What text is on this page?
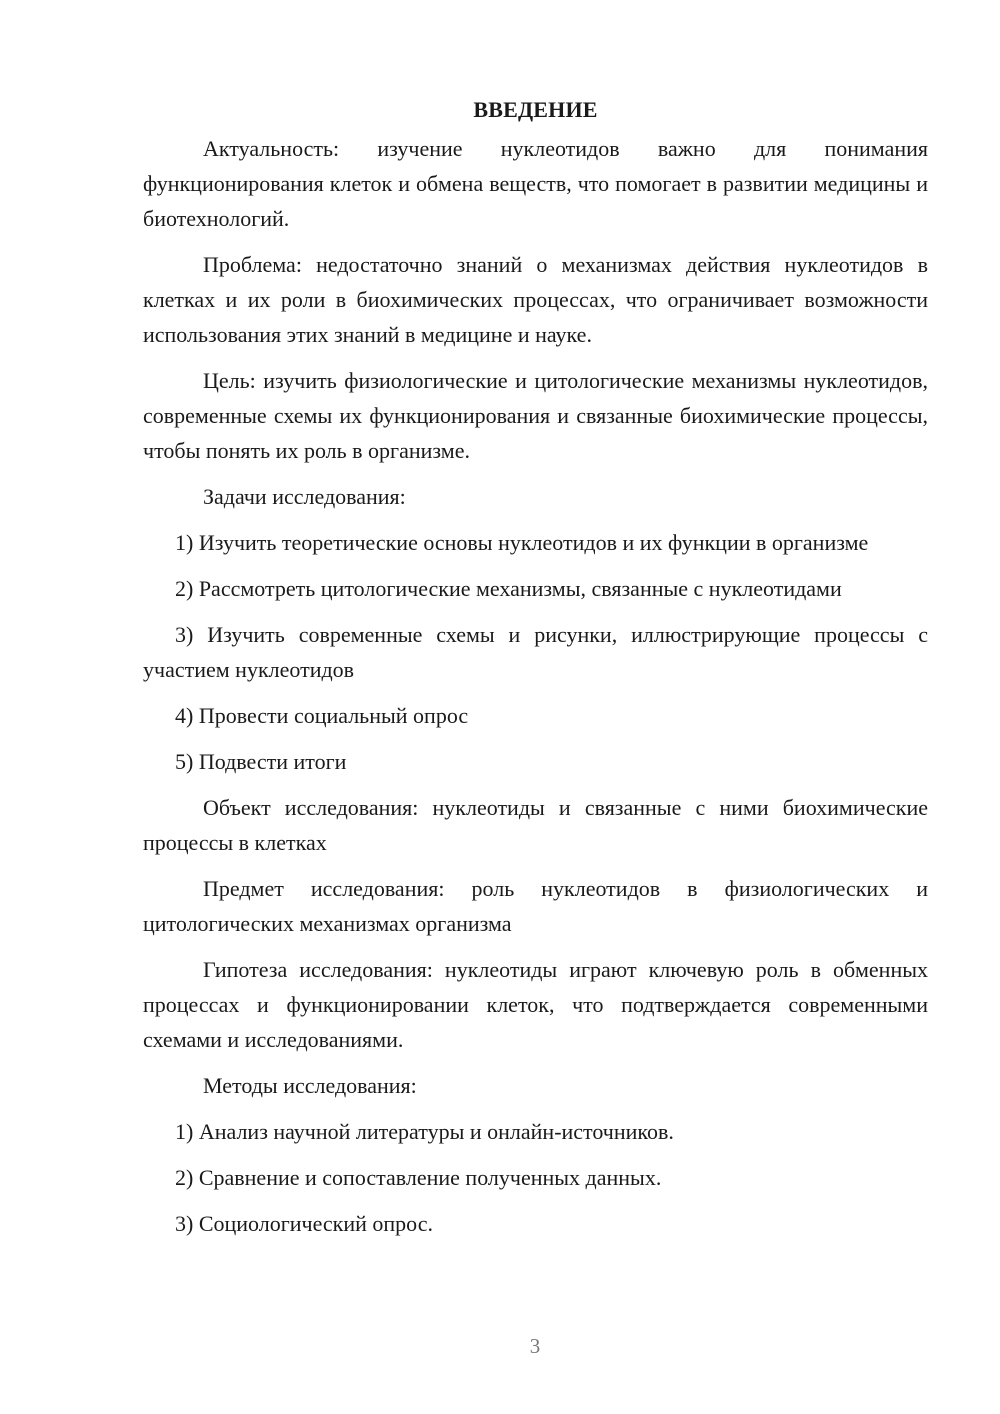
ВВЕДЕНИЕ

Актуальность: изучение нуклеотидов важно для понимания функционирования клеток и обмена веществ, что помогает в развитии медицины и биотехнологий.

Проблема: недостаточно знаний о механизмах действия нуклеотидов в клетках и их роли в биохимических процессах, что ограничивает возможности использования этих знаний в медицине и науке.

Цель: изучить физиологические и цитологические механизмы нуклеотидов, современные схемы их функционирования и связанные биохимические процессы, чтобы понять их роль в организме.

Задачи исследования:

1) Изучить теоретические основы нуклеотидов и их функции в организме

2) Рассмотреть цитологические механизмы, связанные с нуклеотидами

3) Изучить современные схемы и рисунки, иллюстрирующие процессы с участием нуклеотидов

4) Провести социальный опрос

5) Подвести итоги

Объект исследования: нуклеотиды и связанные с ними биохимические процессы в клетках

Предмет исследования: роль нуклеотидов в физиологических и цитологических механизмах организма

Гипотеза исследования: нуклеотиды играют ключевую роль в обменных процессах и функционировании клеток, что подтверждается современными схемами и исследованиями.

Методы исследования:

1) Анализ научной литературы и онлайн-источников.

2) Сравнение и сопоставление полученных данных.

3) Социологический опрос.

3
